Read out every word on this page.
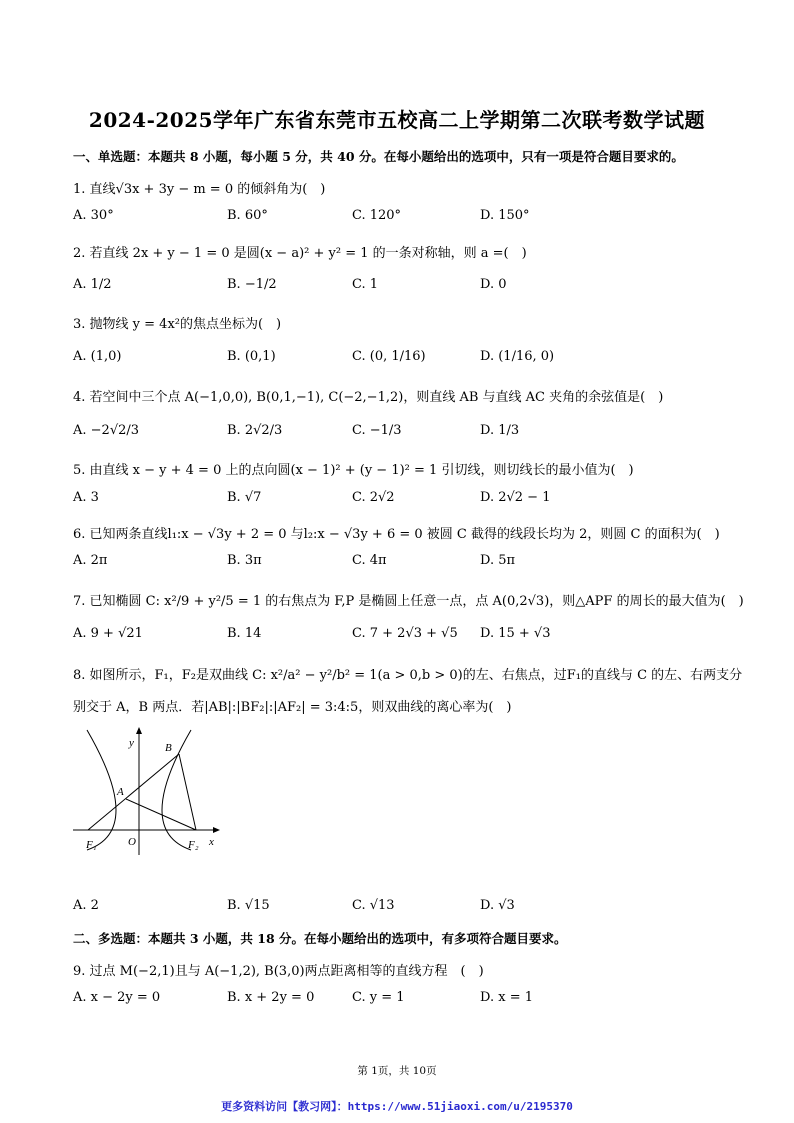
2024-2025学年广东省东莞市五校高二上学期第二次联考数学试题
一、单选题：本题共 8 小题，每小题 5 分，共 40 分。在每小题给出的选项中，只有一项是符合题目要求的。
1. 直线√3x + 3y − m = 0 的倾斜角为(　)
A. 30°	B. 60°	C. 120°	D. 150°
2. 若直线 2x + y − 1 = 0 是圆(x − a)² + y² = 1 的一条对称轴，则 a =(　)
A. 1/2	B. −1/2	C. 1	D. 0
3. 抛物线 y = 4x²的焦点坐标为(　)
A. (1,0)	B. (0,1)	C. (0, 1/16)	D. (1/16, 0)
4. 若空间中三个点 A(−1,0,0), B(0,1,−1), C(−2,−1,2)，则直线 AB 与直线 AC 夹角的余弦值是(　)
A. −2√2/3	B. 2√2/3	C. −1/3	D. 1/3
5. 由直线 x − y + 4 = 0 上的点向圆(x − 1)² + (y − 1)² = 1 引切线，则切线长的最小值为(　)
A. 3	B. √7	C. 2√2	D. 2√2 − 1
6. 已知两条直线l₁:x − √3y + 2 = 0 与l₂:x − √3y + 6 = 0 被圆 C 截得的线段长均为 2，则圆 C 的面积为(　)
A. 2π	B. 3π	C. 4π	D. 5π
7. 已知椭圆 C: x²/9 + y²/5 = 1 的右焦点为 F,P 是椭圆上任意一点，点 A(0,2√3)，则△APF 的周长的最大值为(　)
A. 9 + √21	B. 14	C. 7 + 2√3 + √5 D. 15 + √3
8. 如图所示，F₁，F₂是双曲线 C: x²/a² − y²/b² = 1(a > 0,b > 0)的左、右焦点，过F₁的直线与 C 的左、右两支分
别交于 A，B 两点．若|AB|:|BF₂|:|AF₂| = 3:4:5，则双曲线的离心率为(　)
y	B
A
F₁	O	F₂ x
A. 2	B. √15	C. √13	D. √3
二、多选题：本题共 3 小题，共 18 分。在每小题给出的选项中，有多项符合题目要求。
9. 过点 M(−2,1)且与 A(−1,2), B(3,0)两点距离相等的直线方程　(　)
A. x − 2y = 0	B. x + 2y = 0	C. y = 1	D. x = 1
第 1页，共 10页
更多资料访问【教习网】：https://www.51jiaoxi.com/u/2195370
